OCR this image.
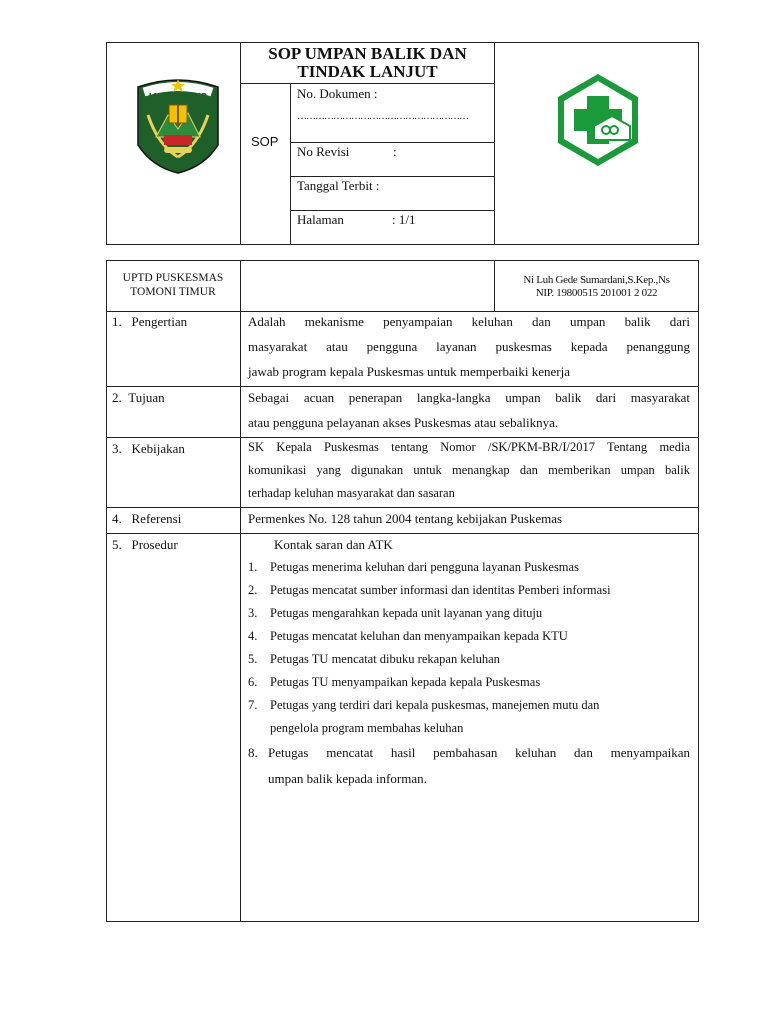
LUWU TIMUR
SOP UMPAN BALIK DAN
TINDAK LANJUT
SOP
No. Dokumen :
…………………………………………………
No Revisi	:
Tanggal Terbit :
Halaman	: 1/1
UPTD PUSKESMAS
TOMONI TIMUR
Ni Luh Gede Sumardani,S.Kep.,Ns
NIP. 19800515 201001 2 022
1.   Pengertian	Adalah mekanisme penyampaian keluhan dan umpan balik dari
masyarakat atau pengguna layanan puskesmas kepada penanggung
jawab program kepala Puskesmas untuk memperbaiki kenerja
2.  Tujuan	Sebagai acuan penerapan langka-langka umpan balik dari masyarakat
atau pengguna pelayanan akses Puskesmas atau sebaliknya.
3.   Kebijakan	SK Kepala Puskesmas tentang Nomor /SK/PKM-BR/I/2017 Tentang media
komunikasi yang digunakan untuk menangkap dan memberikan umpan balik
terhadap keluhan masyarakat dan sasaran
4.   Referensi	Permenkes No. 128 tahun 2004 tentang kebijakan Puskemas
5.   Prosedur	Kontak saran dan ATK
1. Petugas menerima keluhan dari pengguna layanan Puskesmas
2. Petugas mencatat sumber informasi dan identitas Pemberi informasi
3. Petugas mengarahkan kepada unit layanan yang dituju
4. Petugas mencatat keluhan dan menyampaikan kepada KTU
5. Petugas TU mencatat dibuku rekapan keluhan
6. Petugas TU menyampaikan kepada kepala Puskesmas
7. Petugas yang terdiri dari kepala puskesmas, manejemen mutu dan
pengelola program membahas keluhan
8. Petugas mencatat hasil pembahasan keluhan dan menyampaikan
umpan balik kepada informan.
